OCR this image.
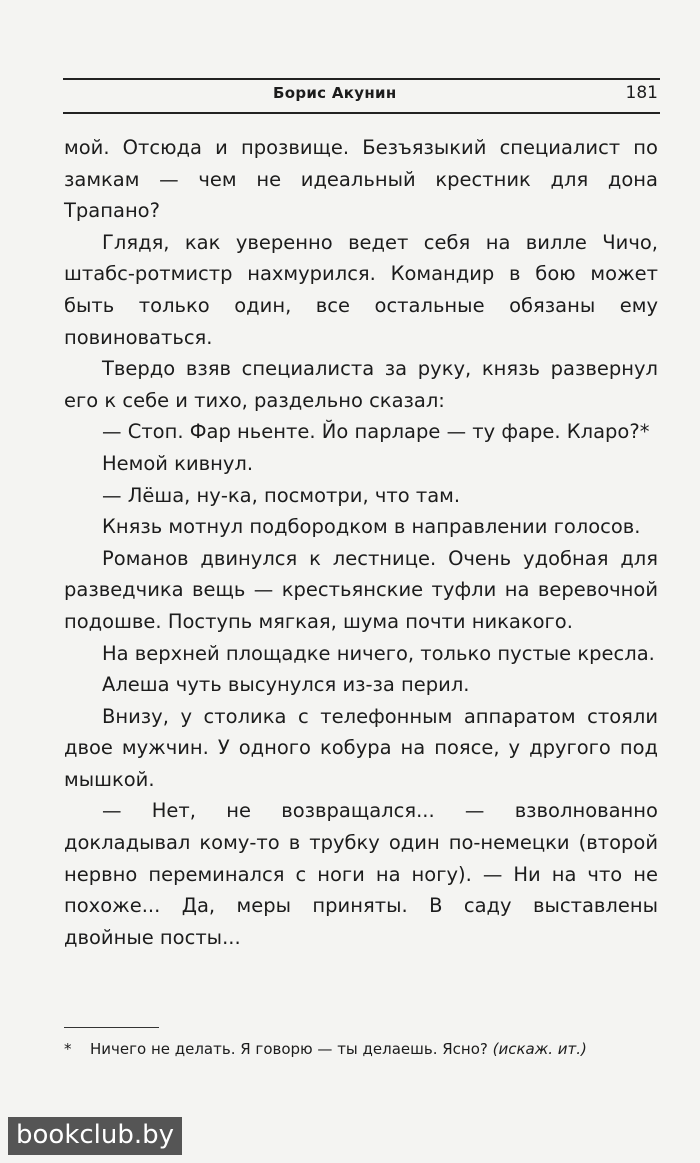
Борис Акунин	181

мой. Отсюда и прозвище. Безъязыкий специалист по замкам — чем не идеальный крестник для дона Трапано?

Глядя, как уверенно ведет себя на вилле Чичо, штабс-ротмистр нахмурился. Командир в бою может быть только один, все остальные обязаны ему повиноваться.

Твердо взяв специалиста за руку, князь развернул его к себе и тихо, раздельно сказал:

— Стоп. Фар ньенте. Йо парларе — ту фаре. Кларо?*

Немой кивнул.

— Лёша, ну-ка, посмотри, что там.

Князь мотнул подбородком в направлении голосов.

Романов двинулся к лестнице. Очень удобная для разведчика вещь — крестьянские туфли на веревочной подошве. Поступь мягкая, шума почти никакого.

На верхней площадке ничего, только пустые кресла.

Алеша чуть высунулся из-за перил.

Внизу, у столика с телефонным аппаратом стояли двое мужчин. У одного кобура на поясе, у другого под мышкой.

— Нет, не возвращался... — взволнованно докладывал кому-то в трубку один по-немецки (второй нервно переминался с ноги на ногу). — Ни на что не похоже... Да, меры приняты. В саду выставлены двойные посты...

* Ничего не делать. Я говорю — ты делаешь. Ясно? (искаж. ит.)
bookclub.by
